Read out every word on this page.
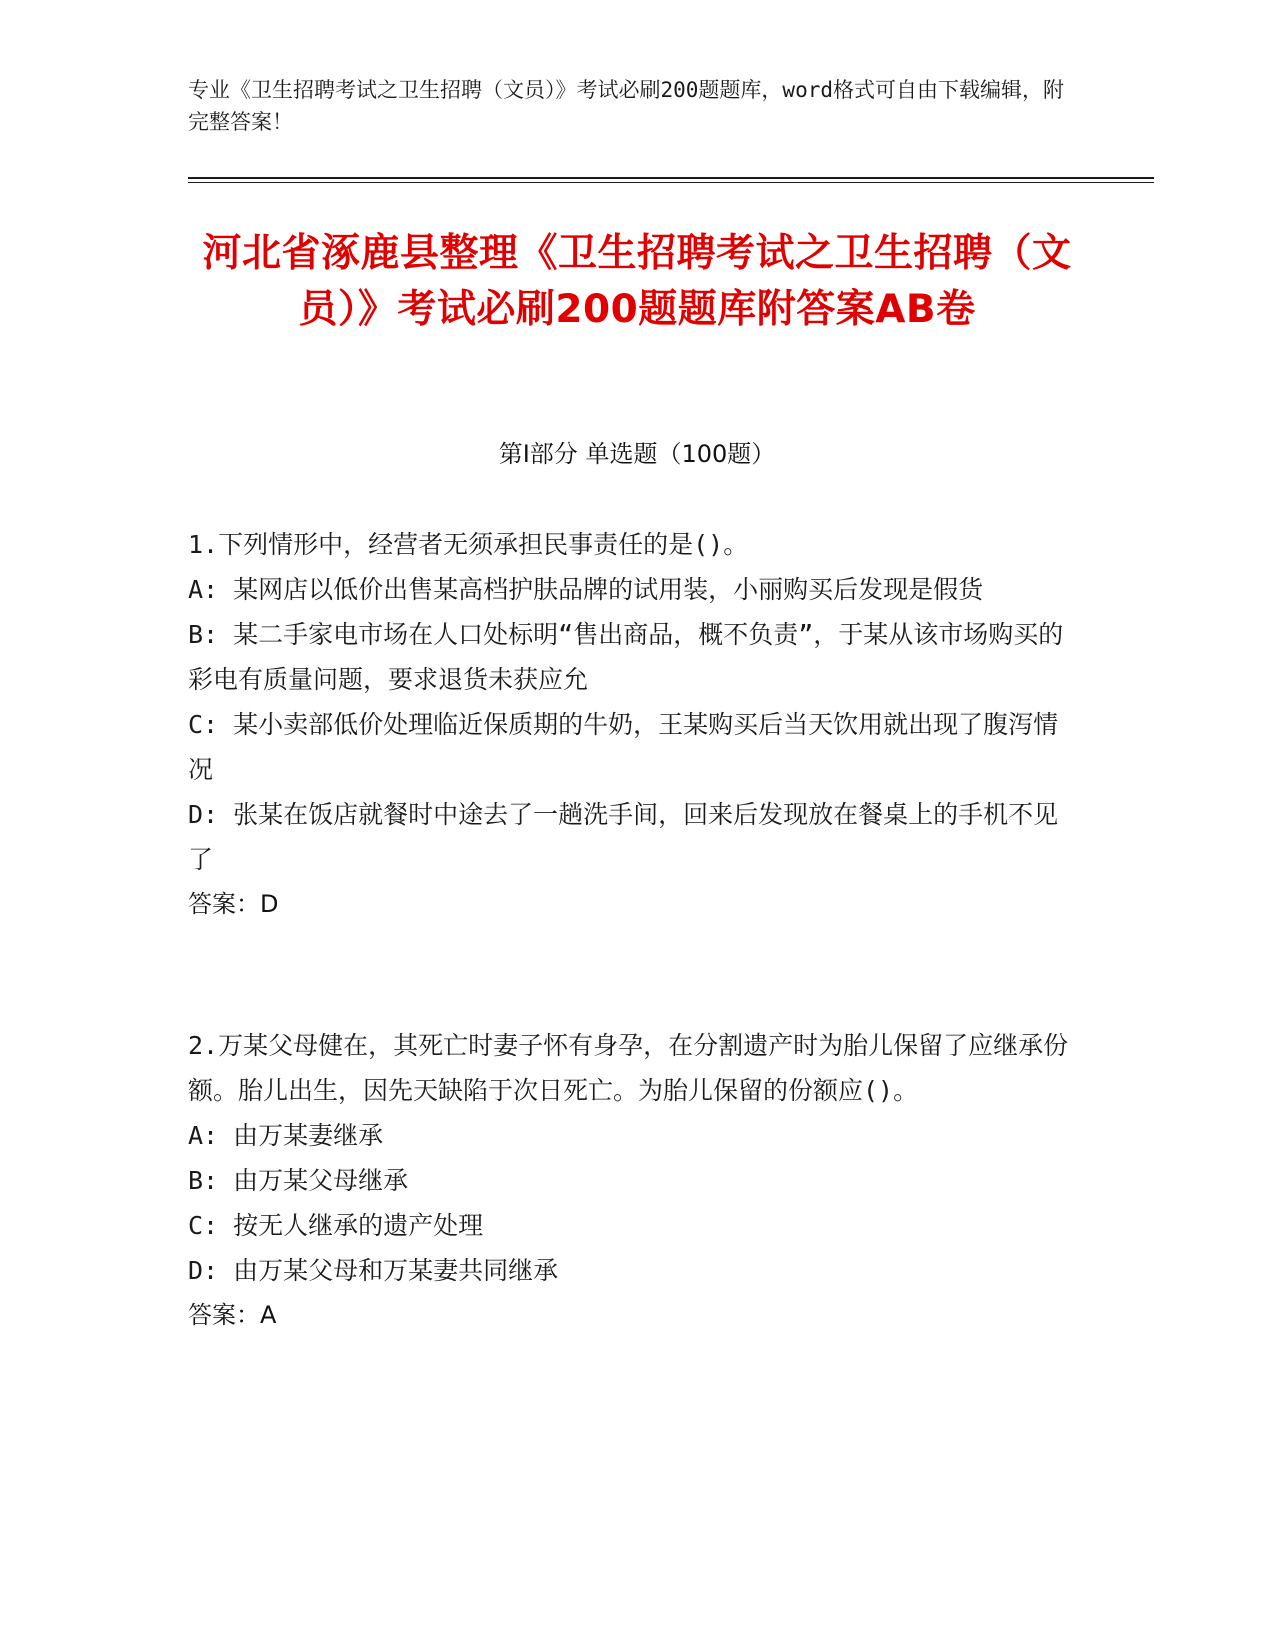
专业《卫生招聘考试之卫生招聘（文员）》考试必刷200题题库，word格式可自由下载编辑，附完整答案！
河北省涿鹿县整理《卫生招聘考试之卫生招聘（文员）》考试必刷200题题库附答案AB卷
第I部分 单选题（100题）

1.下列情形中，经营者无须承担民事责任的是()。

A: 某网店以低价出售某高档护肤品牌的试用装，小丽购买后发现是假货

B: 某二手家电市场在人口处标明“售出商品，概不负责”，于某从该市场购买的彩电有质量问题，要求退货未获应允

C: 某小卖部低价处理临近保质期的牛奶，王某购买后当天饮用就出现了腹泻情况

D: 张某在饭店就餐时中途去了一趟洗手间，回来后发现放在餐桌上的手机不见了

答案：D

2.万某父母健在，其死亡时妻子怀有身孕，在分割遗产时为胎儿保留了应继承份额。胎儿出生，因先天缺陷于次日死亡。为胎儿保留的份额应()。

A: 由万某妻继承

B: 由万某父母继承

C: 按无人继承的遗产处理

D: 由万某父母和万某妻共同继承

答案：A
